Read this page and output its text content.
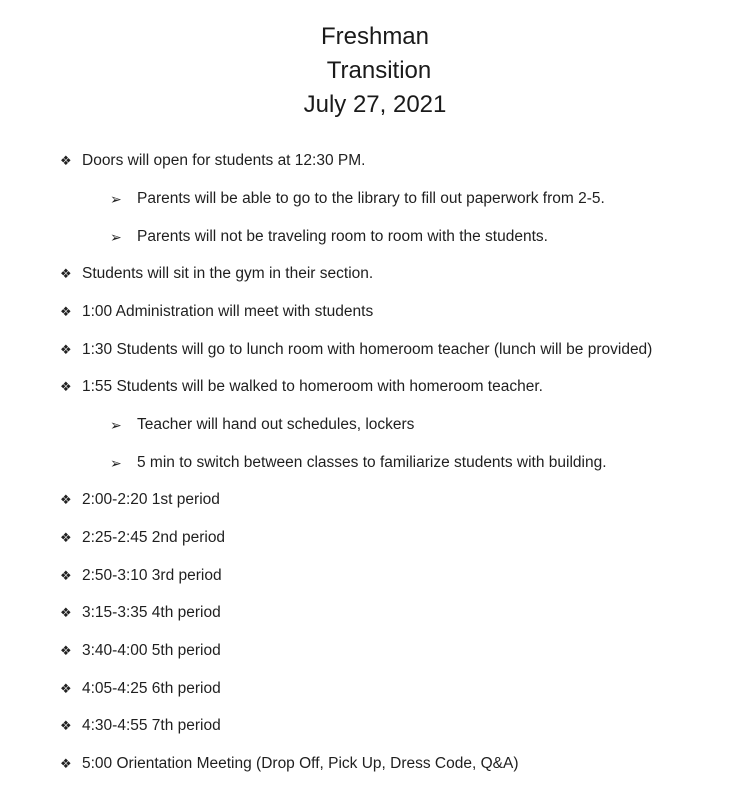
Freshman
Transition
July 27, 2021
❖ Doors will open for students at 12:30 PM.
➢ Parents will be able to go to the library to fill out paperwork from 2-5.
➢ Parents will not be traveling room to room with the students.
❖ Students will sit in the gym in their section.
❖ 1:00 Administration will meet with students
❖ 1:30 Students will go to lunch room with homeroom teacher (lunch will be provided)
❖ 1:55 Students will be walked to homeroom with homeroom teacher.
➢ Teacher will hand out schedules, lockers
➢ 5 min to switch between classes to familiarize students with building.
❖ 2:00-2:20 1st period
❖ 2:25-2:45 2nd period
❖ 2:50-3:10 3rd period
❖ 3:15-3:35 4th period
❖ 3:40-4:00 5th period
❖ 4:05-4:25 6th period
❖ 4:30-4:55 7th period
❖ 5:00 Orientation Meeting (Drop Off, Pick Up, Dress Code, Q&A)
